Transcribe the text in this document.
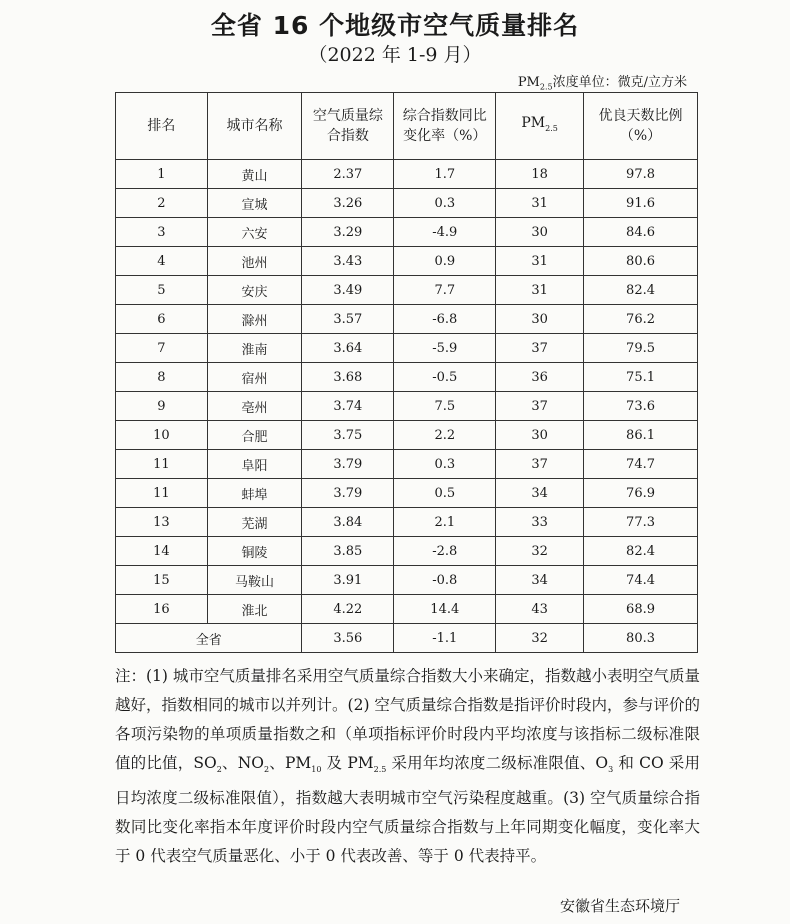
全省 16 个地级市空气质量排名
（2022 年 1-9 月）
$PM_{2.5}$浓度单位：微克/立方米
排名	城市名称	空气质量综合指数	综合指数同比变化率（%）	$PM_{2.5}$	优良天数比例（%）

1	黄山	2.37	1.7	18	97.8
2	宣城	3.26	0.3	31	91.6
3	六安	3.29	-4.9	30	84.6
4	池州	3.43	0.9	31	80.6
5	安庆	3.49	7.7	31	82.4
6	滁州	3.57	-6.8	30	76.2
7	淮南	3.64	-5.9	37	79.5
8	宿州	3.68	-0.5	36	75.1
9	亳州	3.74	7.5	37	73.6
10	合肥	3.75	2.2	30	86.1
11	阜阳	3.79	0.3	37	74.7
11	蚌埠	3.79	0.5	34	76.9
13	芜湖	3.84	2.1	33	77.3
14	铜陵	3.85	-2.8	32	82.4
15	马鞍山	3.91	-0.8	34	74.4
16	淮北	4.22	14.4	43	68.9
全省		3.56	-1.1	32	80.3
注：(1) 城市空气质量排名采用空气质量综合指数大小来确定，指数越小表明空气质量越好，指数相同的城市以并列计。(2) 空气质量综合指数是指评价时段内，参与评价的各项污染物的单项质量指数之和（单项指标评价时段内平均浓度与该指标二级标准限值的比值，$SO_2$、$NO_2$、$PM_{10}$ 及 $PM_{2.5}$ 采用年均浓度二级标准限值、$O_3$ 和 CO 采用日均浓度二级标准限值），指数越大表明城市空气污染程度越重。(3) 空气质量综合指数同比变化率指本年度评价时段内空气质量综合指数与上年同期变化幅度，变化率大于 0 代表空气质量恶化、小于 0 代表改善、等于 0 代表持平。
安徽省生态环境厅
